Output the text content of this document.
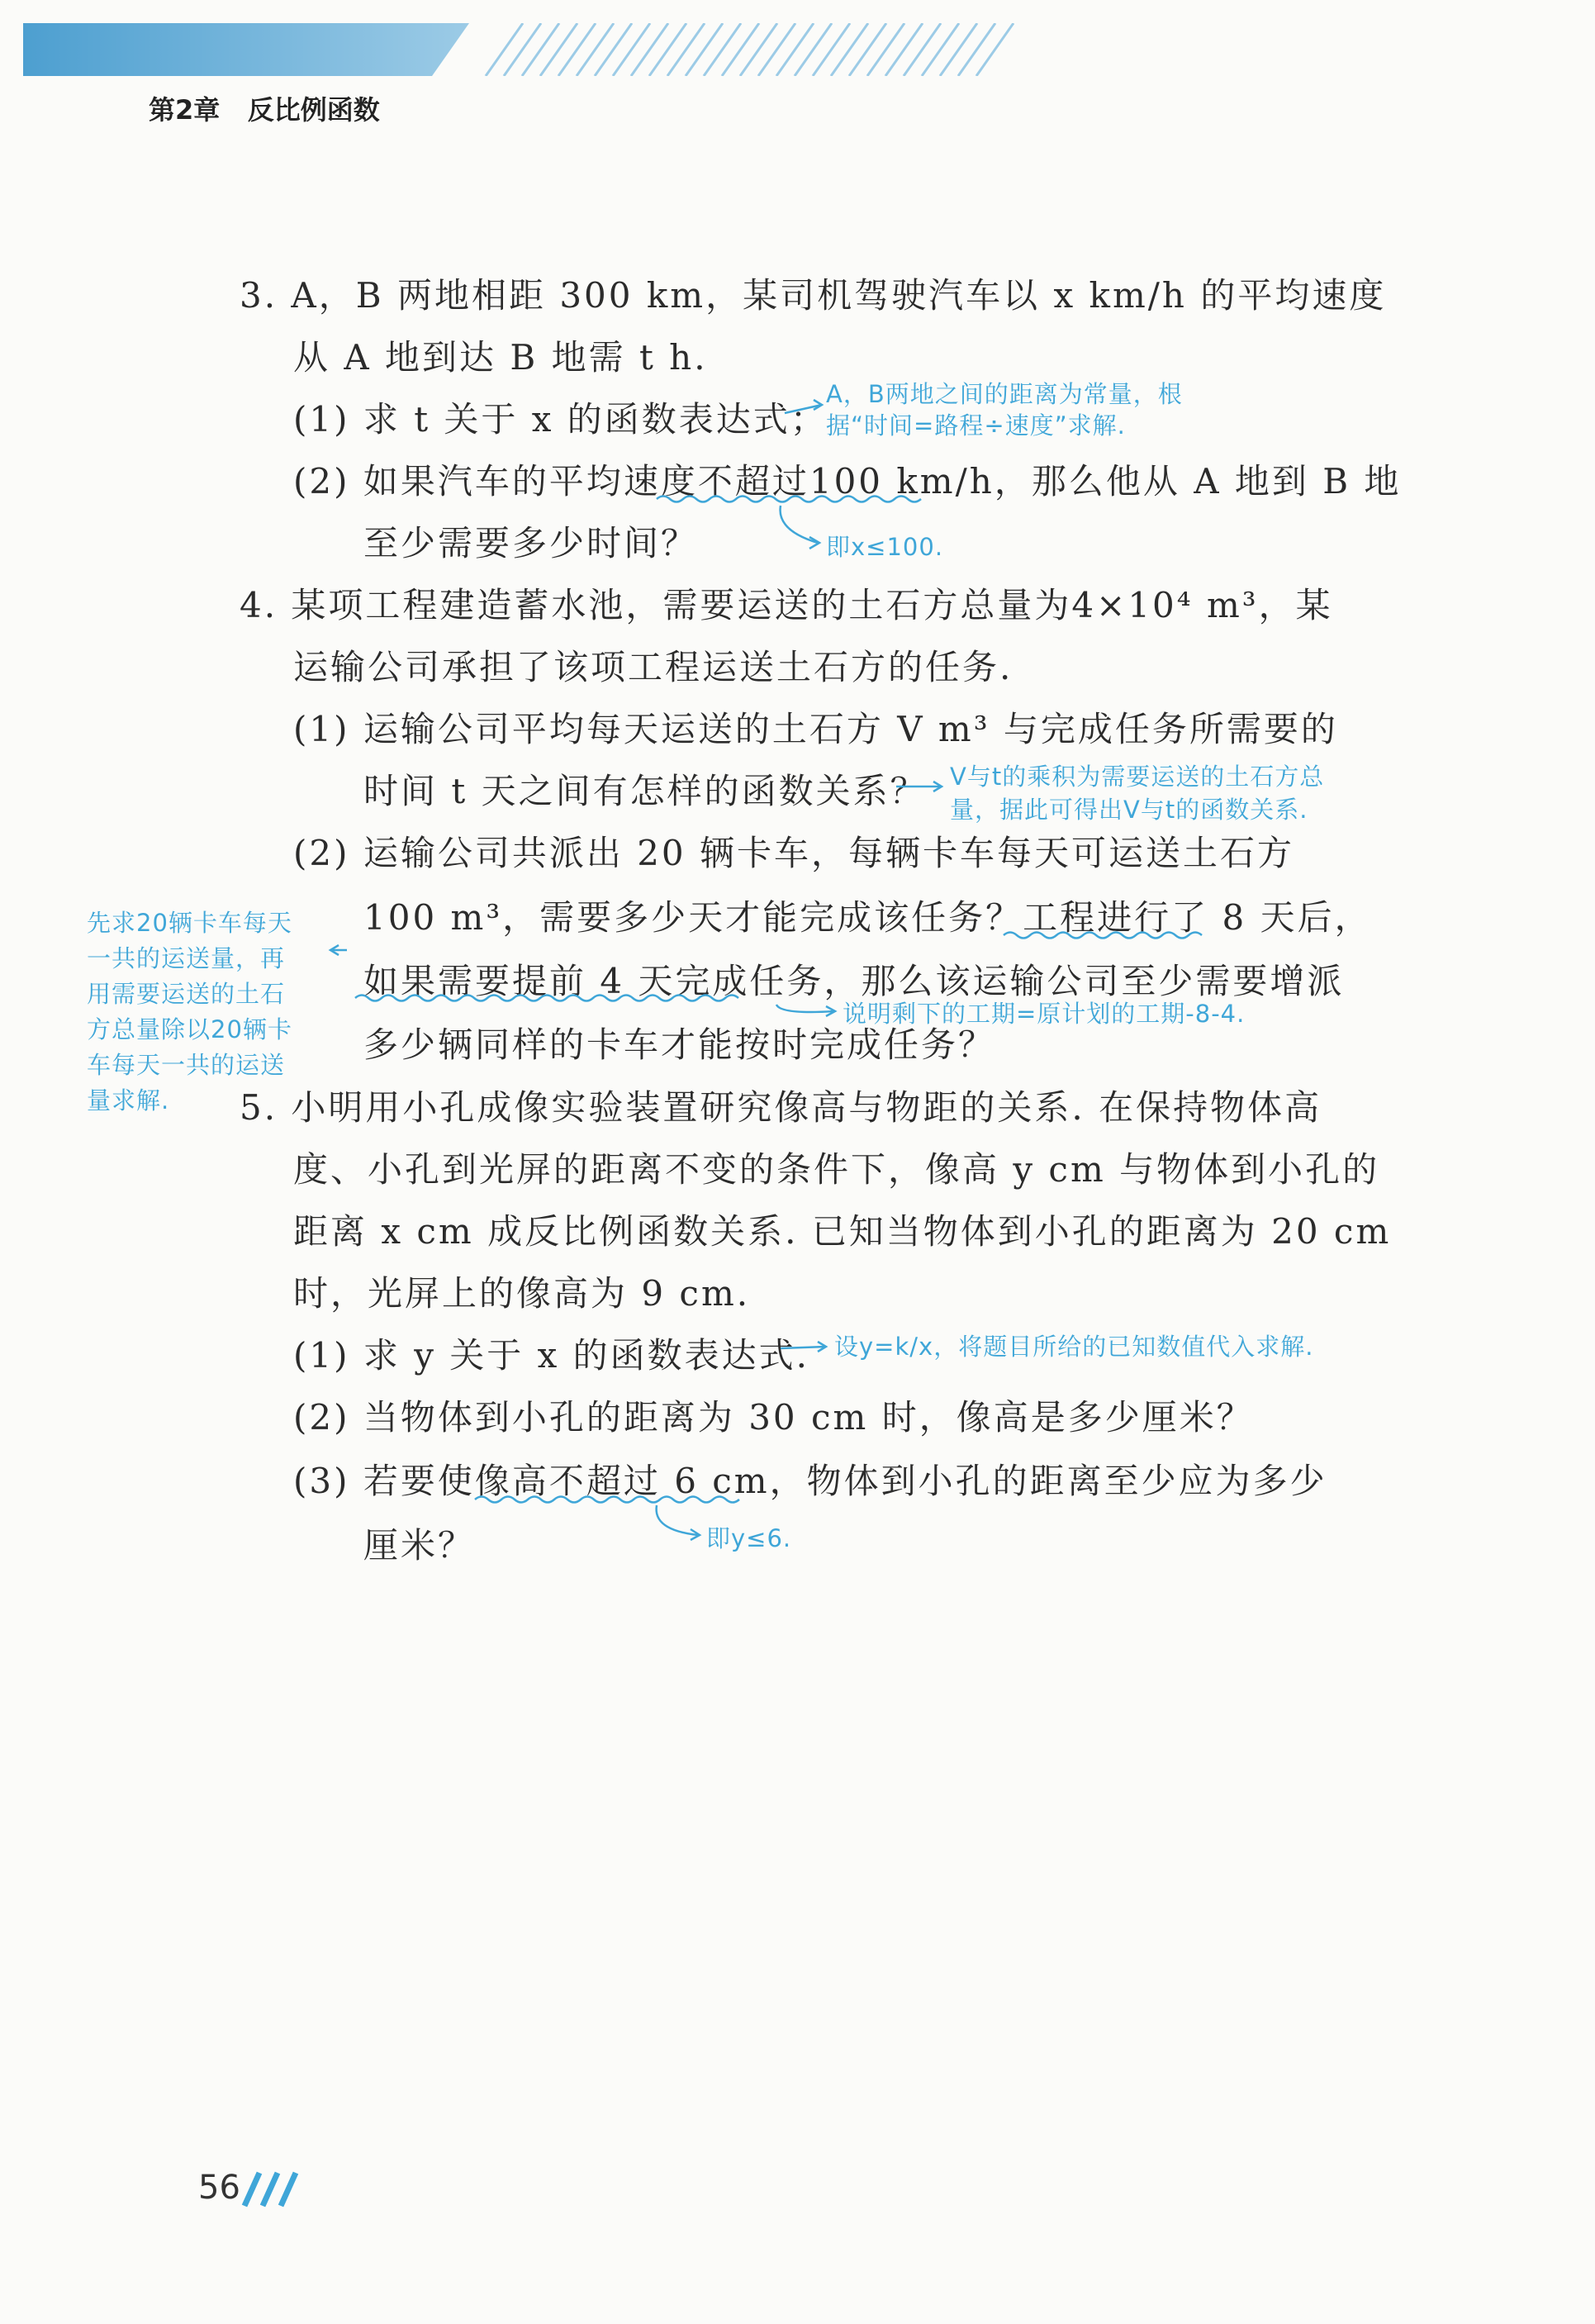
第2章 反比例函数
3. A，B 两地相距 300 km，某司机驾驶汽车以 x km/h 的平均速度
从 A 地到达 B 地需 t h.
(1) 求 t 关于 x 的函数表达式；
(2) 如果汽车的平均速度不超过100 km/h，那么他从 A 地到 B 地
至少需要多少时间？
4. 某项工程建造蓄水池，需要运送的土石方总量为4×10⁴ m³，某
运输公司承担了该项工程运送土石方的任务.
(1) 运输公司平均每天运送的土石方 V m³ 与完成任务所需要的
时间 t 天之间有怎样的函数关系？
(2) 运输公司共派出 20 辆卡车，每辆卡车每天可运送土石方
100 m³，需要多少天才能完成该任务？工程进行了 8 天后，
如果需要提前 4 天完成任务，那么该运输公司至少需要增派
多少辆同样的卡车才能按时完成任务？
5. 小明用小孔成像实验装置研究像高与物距的关系. 在保持物体高
度、小孔到光屏的距离不变的条件下，像高 y cm 与物体到小孔的
距离 x cm 成反比例函数关系. 已知当物体到小孔的距离为 20 cm
时，光屏上的像高为 9 cm.
(1) 求 y 关于 x 的函数表达式.
(2) 当物体到小孔的距离为 30 cm 时，像高是多少厘米？
(3) 若要使像高不超过 6 cm，物体到小孔的距离至少应为多少
厘米？
A，B两地之间的距离为常量，根
据“时间=路程÷速度”求解.
即x≤100.
V与t的乘积为需要运送的土石方总
量，据此可得出V与t的函数关系.
先求20辆卡车每天
一共的运送量，再
用需要运送的土石
方总量除以20辆卡
车每天一共的运送
量求解.
说明剩下的工期=原计划的工期-8-4.
设y=k/x，将题目所给的已知数值代入求解.
即y≤6.
56
